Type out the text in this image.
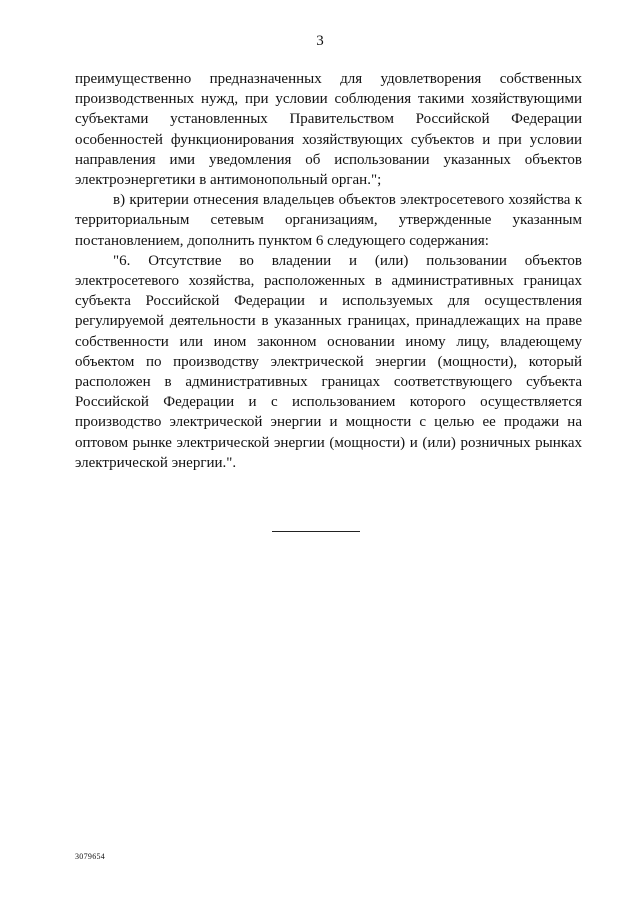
3

преимущественно предназначенных для удовлетворения собственных производственных нужд, при условии соблюдения такими хозяйствующими субъектами установленных Правительством Российской Федерации особенностей функционирования хозяйствующих субъектов и при условии направления ими уведомления об использовании указанных объектов электроэнергетики в антимонопольный орган.";

в) критерии отнесения владельцев объектов электросетевого хозяйства к территориальным сетевым организациям, утвержденные указанным постановлением, дополнить пунктом 6 следующего содержания:

"6. Отсутствие во владении и (или) пользовании объектов электросетевого хозяйства, расположенных в административных границах субъекта Российской Федерации и используемых для осуществления регулируемой деятельности в указанных границах, принадлежащих на праве собственности или ином законном основании иному лицу, владеющему объектом по производству электрической энергии (мощности), который расположен в административных границах соответствующего субъекта Российской Федерации и с использованием которого осуществляется производство электрической энергии и мощности с целью ее продажи на оптовом рынке электрической энергии (мощности) и (или) розничных рынках электрической энергии.".

3079654
